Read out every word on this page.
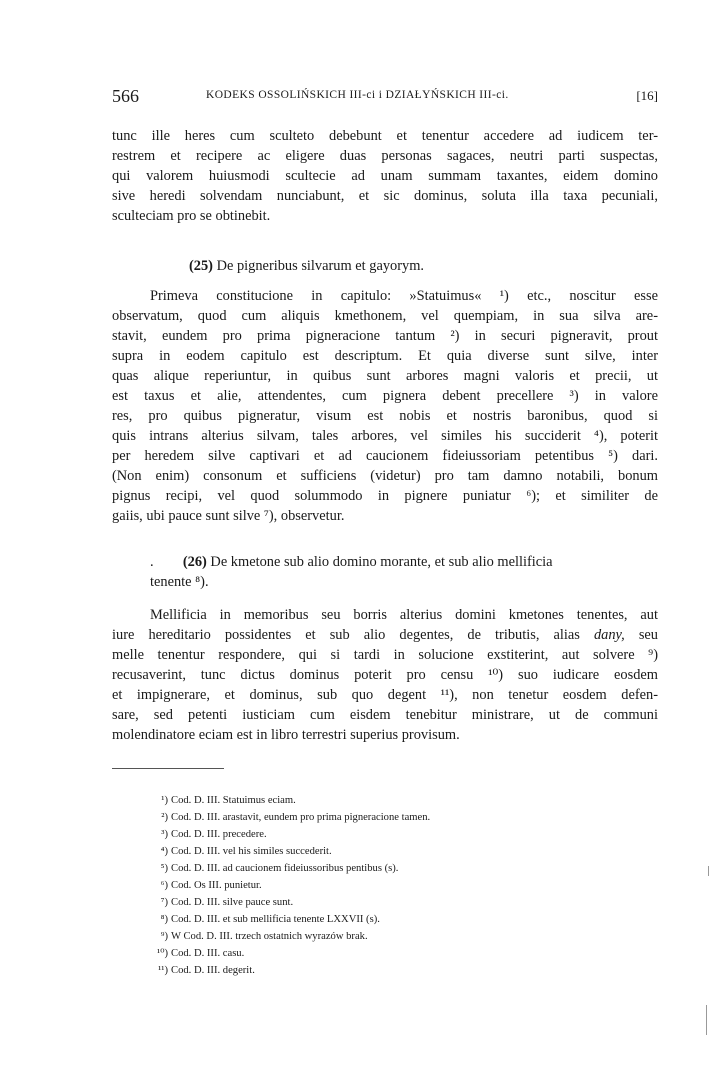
566	KODEKS OSSOLIŃSKICH III-ci i DZIAŁYŃSKICH III-ci.	[16]
tunc ille heres cum sculteto debebunt et tenentur accedere ad iudicem ter-
restrem et recipere ac eligere duas personas sagaces, neutri parti suspectas,
qui valorem huiusmodi scultecie ad unam summam taxantes, eidem domino
sive heredi solvendam nunciabunt, et sic dominus, soluta illa taxa pecuniali,
sculteciam pro se obtinebit.
(25) De pigneribus silvarum et gayorym.
Primeva constitucione in capitulo: »Statuimus« ¹) etc., noscitur esse
observatum, quod cum aliquis kmethonem, vel quempiam, in sua silva are-
stavit, eundem pro prima pigneracione tantum ²) in securi pigneravit, prout
supra in eodem capitulo est descriptum. Et quia diverse sunt silve, inter
quas alique reperiuntur, in quibus sunt arbores magni valoris et precii, ut
est taxus et alie, attendentes, cum pignera debent precellere ³) in valore
res, pro quibus pigneratur, visum est nobis et nostris baronibus, quod si
quis intrans alterius silvam, tales arbores, vel similes his succiderit ⁴), poterit
per heredem silve captivari et ad caucionem fideiussoriam petentibus ⁵) dari.
(Non enim) consonum et sufficiens (videtur) pro tam damno notabili, bonum
pignus recipi, vel quod solummodo in pignere puniatur ⁶); et similiter de
gaiis, ubi pauce sunt silve ⁷), observetur.
. (26) De kmetone sub alio domino morante, et sub alio mellificia
tenente ⁸).
Mellificia in memoribus seu borris alterius domini kmetones tenentes, aut
iure hereditario possidentes et sub alio degentes, de tributis, alias dany, seu
melle tenentur respondere, qui si tardi in solucione exstiterint, aut solvere ⁹)
recusaverint, tunc dictus dominus poterit pro censu ¹⁰) suo iudicare eosdem
et impignerare, et dominus, sub quo degent ¹¹), non tenetur eosdem defen-
sare, sed petenti iusticiam cum eisdem tenebitur ministrare, ut de communi
molendinatore eciam est in libro terrestri superius provisum.
¹) Cod. D. III. Statuimus eciam.
²) Cod. D. III. arastavit, eundem pro prima pigneracione tamen.
³) Cod. D. III. precedere.
⁴) Cod. D. III. vel his similes succederit.
⁵) Cod. D. III. ad caucionem fideiussoribus pentibus (s).
⁶) Cod. Os III. punietur.
⁷) Cod. D. III. silve pauce sunt.
⁸) Cod. D. III. et sub mellificia tenente LXXVII (s).
⁹) W Cod. D. III. trzech ostatnich wyrazów brak.
¹⁰) Cod. D. III. casu.
¹¹) Cod. D. III. degerit.
